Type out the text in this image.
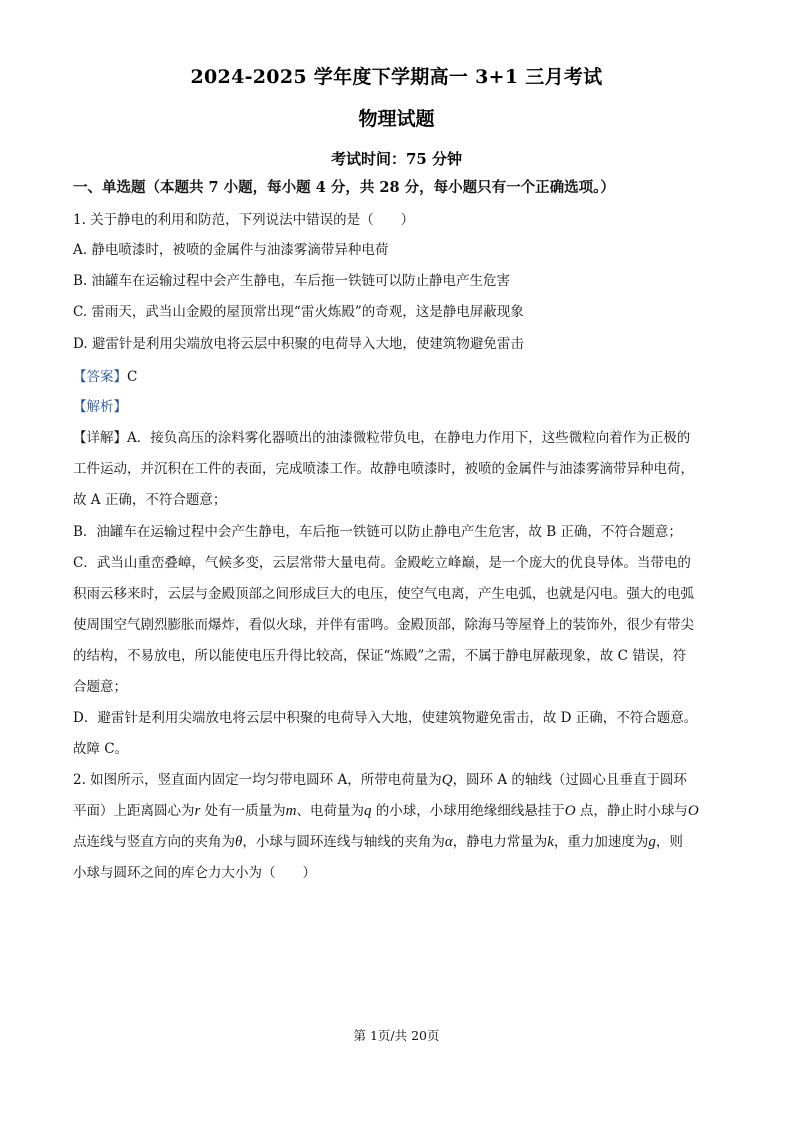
2024-2025 学年度下学期高一 3+1 三月考试
物理试题
考试时间：75 分钟
一、单选题（本题共 7 小题，每小题 4 分，共 28 分，每小题只有一个正确选项。）
1. 关于静电的利用和防范，下列说法中错误的是（　　）
A. 静电喷漆时，被喷的金属件与油漆雾滴带异种电荷
B. 油罐车在运输过程中会产生静电，车后拖一铁链可以防止静电产生危害
C. 雷雨天，武当山金殿的屋顶常出现“雷火炼殿”的奇观，这是静电屏蔽现象
D. 避雷针是利用尖端放电将云层中积聚的电荷导入大地，使建筑物避免雷击
【答案】C
【解析】
【详解】A．接负高压的涂料雾化器喷出的油漆微粒带负电，在静电力作用下，这些微粒向着作为正极的
工件运动，并沉积在工件的表面，完成喷漆工作。故静电喷漆时，被喷的金属件与油漆雾滴带异种电荷，
故 A 正确，不符合题意；
B．油罐车在运输过程中会产生静电，车后拖一铁链可以防止静电产生危害，故 B 正确，不符合题意；
C．武当山重峦叠嶂，气候多变，云层常带大量电荷。金殿屹立峰巅，是一个庞大的优良导体。当带电的
积雨云移来时，云层与金殿顶部之间形成巨大的电压，使空气电离，产生电弧，也就是闪电。强大的电弧
使周围空气剧烈膨胀而爆炸，看似火球，并伴有雷鸣。金殿顶部，除海马等屋脊上的装饰外，很少有带尖
的结构，不易放电，所以能使电压升得比较高，保证“炼殿”之需，不属于静电屏蔽现象，故 C 错误，符
合题意；
D．避雷针是利用尖端放电将云层中积聚的电荷导入大地，使建筑物避免雷击，故 D 正确，不符合题意。
故障 C。
2. 如图所示，竖直面内固定一均匀带电圆环 A，所带电荷量为Q，圆环 A 的轴线（过圆心且垂直于圆环
平面）上距离圆心为r 处有一质量为m、电荷量为q 的小球，小球用绝缘细线悬挂于O 点，静止时小球与O
点连线与竖直方向的夹角为θ，小球与圆环连线与轴线的夹角为α，静电力常量为k，重力加速度为g，则
小球与圆环之间的库仑力大小为（　　）
第 1页/共 20页
